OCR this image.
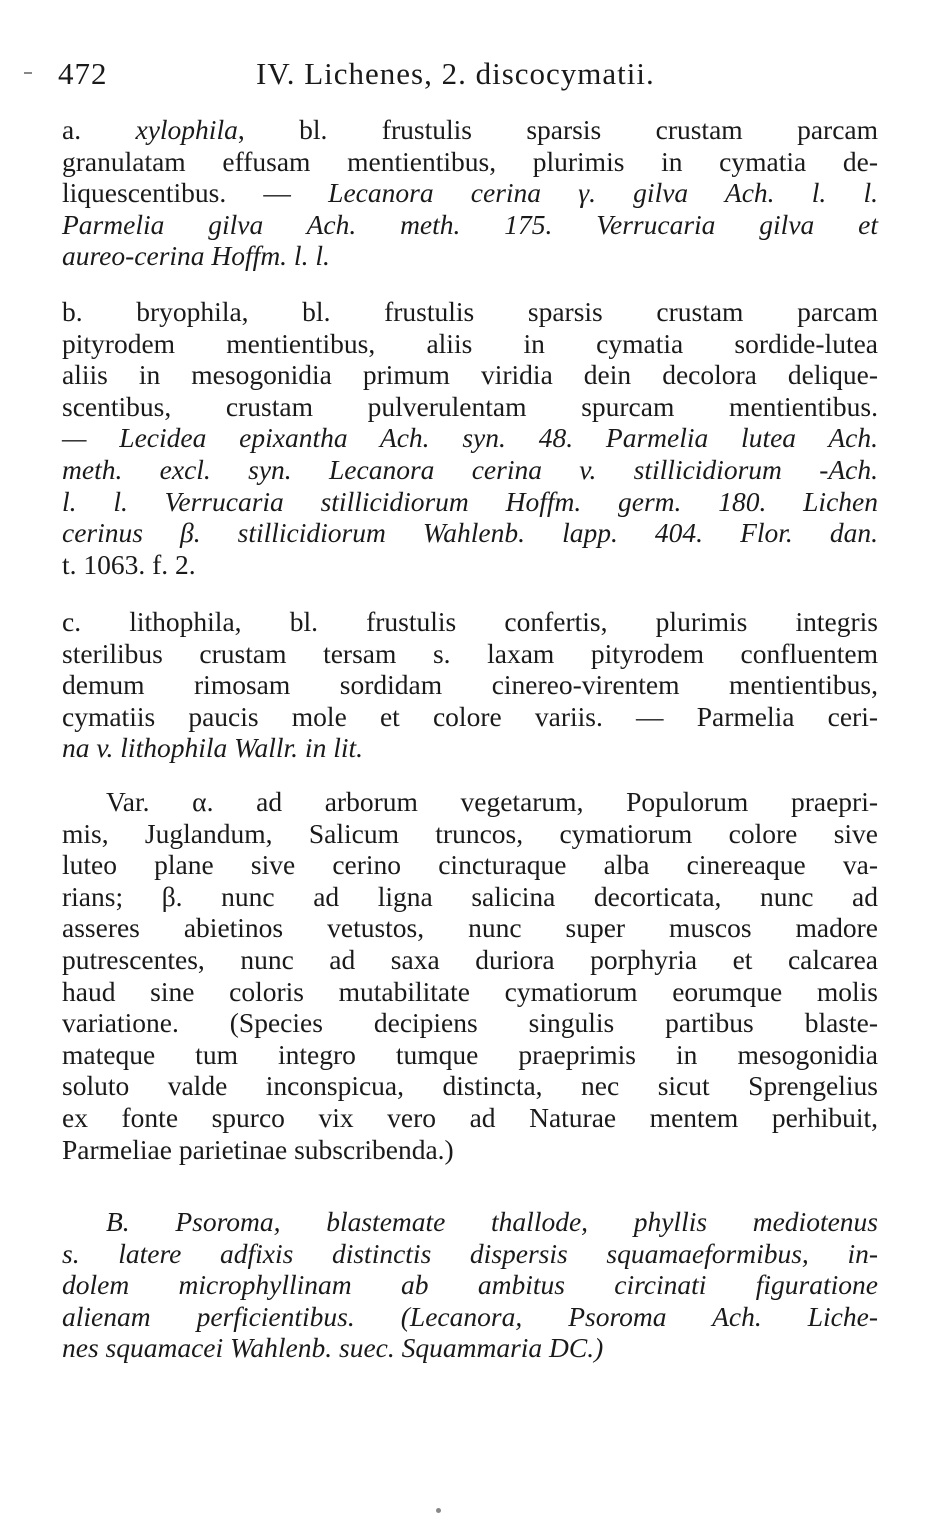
472	IV. Lichenes, 2. discocymatii.
a. xylophila, bl. frustulis sparsis crustam parcam
granulatam effusam mentientibus, plurimis in cymatia de-
liquescentibus. — Lecanora cerina γ. gilva Ach. l. l.
Parmelia gilva Ach. meth. 175. Verrucaria gilva et
aureo-cerina Hoffm. l. l.
b. bryophila, bl. frustulis sparsis crustam parcam
pityrodem mentientibus, aliis in cymatia sordide-lutea
aliis in mesogonidia primum viridia dein decolora delique-
scentibus, crustam pulverulentam spurcam mentientibus.
— Lecidea epixantha Ach. syn. 48. Parmelia lutea Ach.
meth. excl. syn. Lecanora cerina v. stillicidiorum -Ach.
l. l. Verrucaria stillicidiorum Hoffm. germ. 180. Lichen
cerinus β. stillicidiorum Wahlenb. lapp. 404. Flor. dan.
t. 1063. f. 2.
c. lithophila, bl. frustulis confertis, plurimis integris
sterilibus crustam tersam s. laxam pityrodem confluentem
demum rimosam sordidam cinereo-virentem mentientibus,
cymatiis paucis mole et colore variis. — Parmelia ceri-
na v. lithophila Wallr. in lit.
Var. α. ad arborum vegetarum, Populorum praepri-
mis, Juglandum, Salicum truncos, cymatiorum colore sive
luteo plane sive cerino cincturaque alba cinereaque va-
rians; β. nunc ad ligna salicina decorticata, nunc ad
asseres abietinos vetustos, nunc super muscos madore
putrescentes, nunc ad saxa duriora porphyria et calcarea
haud sine coloris mutabilitate cymatiorum eorumque molis
variatione. (Species decipiens singulis partibus blaste-
mateque tum integro tumque praeprimis in mesogonidia
soluto valde inconspicua, distincta, nec sicut Sprengelius
ex fonte spurco vix vero ad Naturae mentem perhibuit,
Parmeliae parietinae subscribenda.)
B. Psoroma, blastemate thallode, phyllis mediotenus
s. latere adfixis distinctis dispersis squamaeformibus, in-
dolem microphyllinam ab ambitus circinati figuratione
alienam perficientibus. (Lecanora, Psoroma Ach. Liche-
nes squamacei Wahlenb. suec. Squammaria DC.)
